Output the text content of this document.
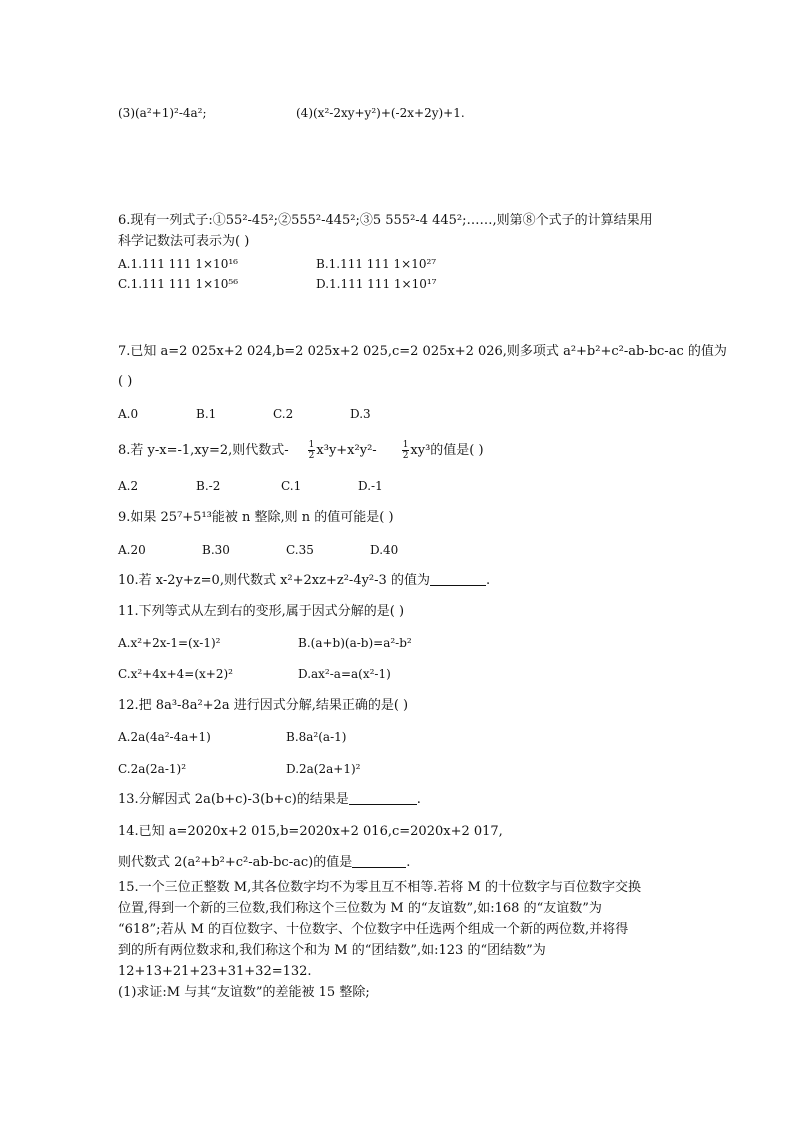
(3)(a²+1)²-4a²;	(4)(x²-2xy+y²)+(-2x+2y)+1.
6.现有一列式子:①55²-45²;②555²-445²;③5 555²-4 445²;……,则第⑧个式子的计算结果用
科学记数法可表示为( )
A.1.111 111 1×10¹⁶	B.1.111 111 1×10²⁷
C.1.111 111 1×10⁵⁶	D.1.111 111 1×10¹⁷
7.已知 a=2 025x+2 024,b=2 025x+2 025,c=2 025x+2 026,则多项式 a²+b²+c²-ab-bc-ac 的值为
( )
A.0	B.1	C.2	D.3
8.若 y-x=-1,xy=2,则代数式- $\frac{1}{2} x^3y+x^2y^2-$	$\frac{1}{2} xy^3$的值是( )
A.2	B.-2	C.1	D.-1
9.如果 25⁷+5¹³能被 n 整除,则 n 的值可能是( )
A.20	B.30	C.35	D.40
10.若 x-2y+z=0,则代数式 x²+2xz+z²-4y²-3 的值为	.
11.下列等式从左到右的变形,属于因式分解的是( )
A.x²+2x-1=(x-1)²	B.(a+b)(a-b)=a²-b²
C.x²+4x+4=(x+2)²	D.ax²-a=a(x²-1)
12.把 8a³-8a²+2a 进行因式分解,结果正确的是( )
A.2a(4a²-4a+1)	B.8a²(a-1)
C.2a(2a-1)²	D.2a(2a+1)²
13.分解因式 2a(b+c)-3(b+c)的结果是	.
14.已知 a=2020x+2 015,b=2020x+2 016,c=2020x+2 017,
则代数式 2(a²+b²+c²-ab-bc-ac)的值是	.
15.一个三位正整数 M,其各位数字均不为零且互不相等.若将 M 的十位数字与百位数字交换
位置,得到一个新的三位数,我们称这个三位数为 M 的“友谊数”,如:168 的“友谊数”为
“618”;若从 M 的百位数字、十位数字、个位数字中任选两个组成一个新的两位数,并将得
到的所有两位数求和,我们称这个和为 M 的“团结数”,如:123 的“团结数”为
12+13+21+23+31+32=132.
(1)求证:M 与其“友谊数”的差能被 15 整除;
